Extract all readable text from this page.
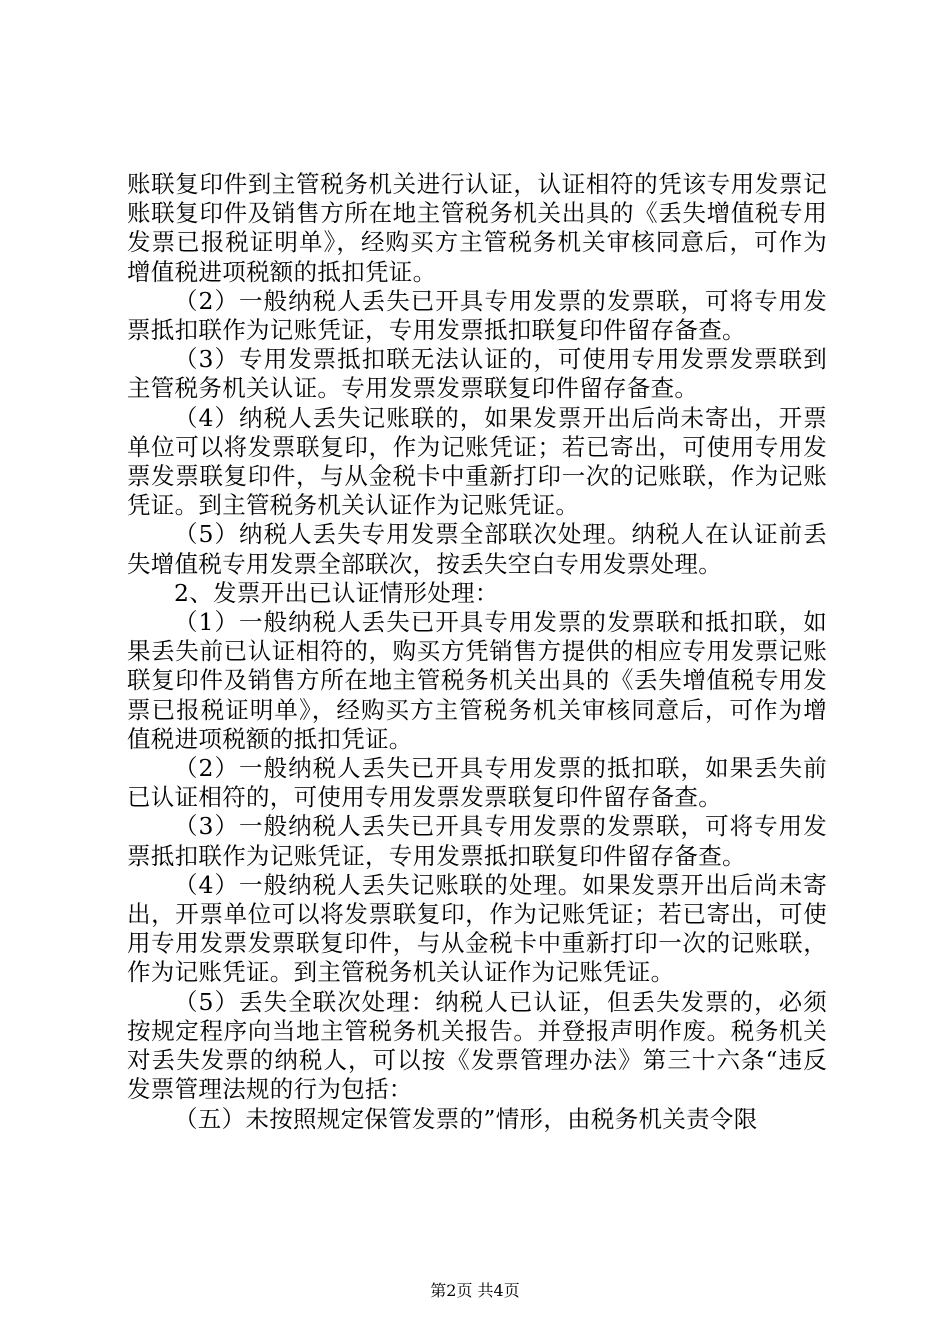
账联复印件到主管税务机关进行认证，认证相符的凭该专用发票记账联复印件及销售方所在地主管税务机关出具的《丢失增值税专用发票已报税证明单》，经购买方主管税务机关审核同意后，可作为增值税进项税额的抵扣凭证。

（2）一般纳税人丢失已开具专用发票的发票联，可将专用发票抵扣联作为记账凭证，专用发票抵扣联复印件留存备查。

（3）专用发票抵扣联无法认证的，可使用专用发票发票联到主管税务机关认证。专用发票发票联复印件留存备查。

（4）纳税人丢失记账联的，如果发票开出后尚未寄出，开票单位可以将发票联复印，作为记账凭证；若已寄出，可使用专用发票发票联复印件，与从金税卡中重新打印一次的记账联，作为记账凭证。到主管税务机关认证作为记账凭证。

（5）纳税人丢失专用发票全部联次处理。纳税人在认证前丢失增值税专用发票全部联次，按丢失空白专用发票处理。

2、发票开出已认证情形处理：

（1）一般纳税人丢失已开具专用发票的发票联和抵扣联，如果丢失前已认证相符的，购买方凭销售方提供的相应专用发票记账联复印件及销售方所在地主管税务机关出具的《丢失增值税专用发票已报税证明单》，经购买方主管税务机关审核同意后，可作为增值税进项税额的抵扣凭证。

（2）一般纳税人丢失已开具专用发票的抵扣联，如果丢失前已认证相符的，可使用专用发票发票联复印件留存备查。

（3）一般纳税人丢失已开具专用发票的发票联，可将专用发票抵扣联作为记账凭证，专用发票抵扣联复印件留存备查。

（4）一般纳税人丢失记账联的处理。如果发票开出后尚未寄出，开票单位可以将发票联复印，作为记账凭证；若已寄出，可使用专用发票发票联复印件，与从金税卡中重新打印一次的记账联，作为记账凭证。到主管税务机关认证作为记账凭证。

（5）丢失全联次处理：纳税人已认证，但丢失发票的，必须按规定程序向当地主管税务机关报告。并登报声明作废。税务机关对丢失发票的纳税人，可以按《发票管理办法》第三十六条“违反发票管理法规的行为包括：

（五）未按照规定保管发票的”情形，由税务机关责令限

第2页 共4页
